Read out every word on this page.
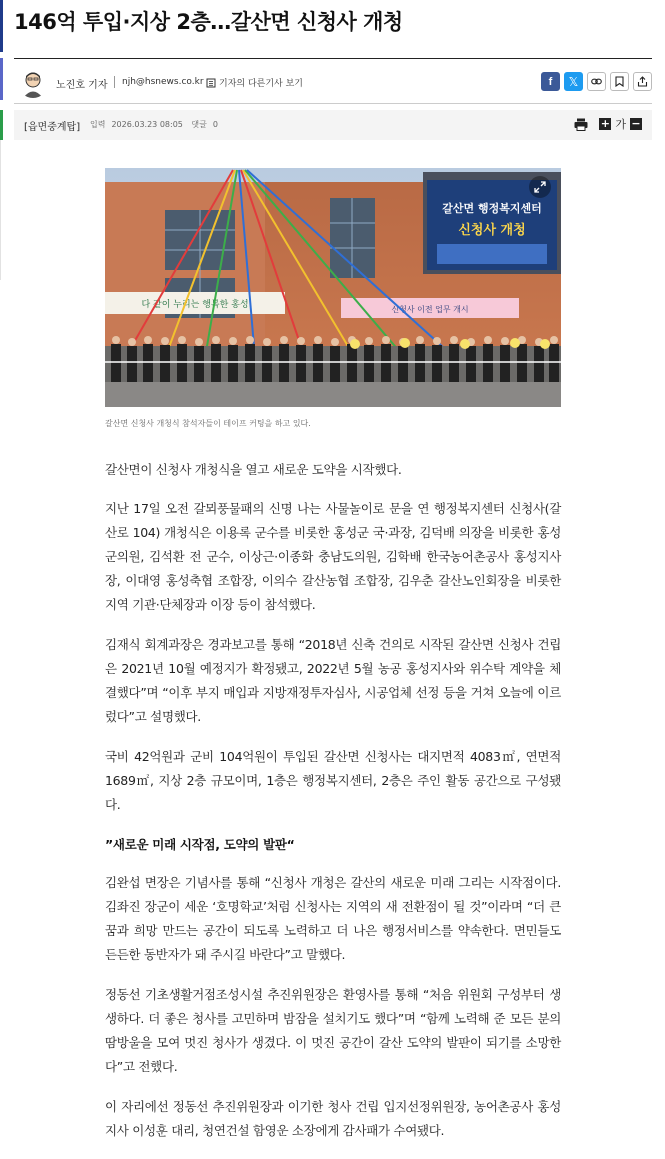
146억 투입·지상 2층…갈산면 신청사 개청
노진호 기자 njh@hsnews.co.kr 기자의 다른기사 보기	f	𝕏
[읍면중계탑] 입력 2026.03.23 08:05 댓글 0	+ 가 −
갈산면 행정복지센터
신청사 개청
다 같이 누리는 행복한 홍성	신청사 이전 업무 개시
갈산면 신청사 개청식 참석자들이 테이프 커팅을 하고 있다.

갈산면이 신청사 개청식을 열고 새로운 도약을 시작했다.

지난 17일 오전 갈뫼풍물패의 신명 나는 사물놀이로 문을 연 행정복지센터 신청사(갈산로 104) 개청식은 이용록 군수를 비롯한 홍성군 국·과장, 김덕배 의장을 비롯한 홍성군의원, 김석환 전 군수, 이상근·이종화 충남도의원, 김학배 한국농어촌공사 홍성지사장, 이대영 홍성축협 조합장, 이의수 갈산농협 조합장, 김우춘 갈산노인회장을 비롯한 지역 기관·단체장과 이장 등이 참석했다.

김재식 회계과장은 경과보고를 통해 “2018년 신축 건의로 시작된 갈산면 신청사 건립은 2021년 10월 예정지가 확정됐고, 2022년 5월 농공 홍성지사와 위수탁 계약을 체결했다”며 “이후 부지 매입과 지방재정투자심사, 시공업체 선정 등을 거쳐 오늘에 이르렀다”고 설명했다.

국비 42억원과 군비 104억원이 투입된 갈산면 신청사는 대지면적 4083㎡, 연면적 1689㎡, 지상 2층 규모이며, 1층은 행정복지센터, 2층은 주인 활동 공간으로 구성됐다.

”새로운 미래 시작점, 도약의 발판“

김완섭 면장은 기념사를 통해 “신청사 개청은 갈산의 새로운 미래 그리는 시작점이다. 김좌진 장군이 세운 ‘호명학교’처럼 신청사는 지역의 새 전환점이 될 것”이라며 “더 큰 꿈과 희망 만드는 공간이 되도록 노력하고 더 나은 행정서비스를 약속한다. 면민들도 든든한 동반자가 돼 주시길 바란다”고 말했다.

정동선 기초생활거점조성시설 추진위원장은 환영사를 통해 “처음 위원회 구성부터 생생하다. 더 좋은 청사를 고민하며 밤잠을 설치기도 했다”며 “함께 노력해 준 모든 분의 땀방울을 모여 멋진 청사가 생겼다. 이 멋진 공간이 갈산 도약의 발판이 되기를 소망한다”고 전했다.

이 자리에선 정동선 추진위원장과 이기한 청사 건립 입지선정위원장, 농어촌공사 홍성지사 이성훈 대리, 청연건설 함영운 소장에게 감사패가 수여됐다.
